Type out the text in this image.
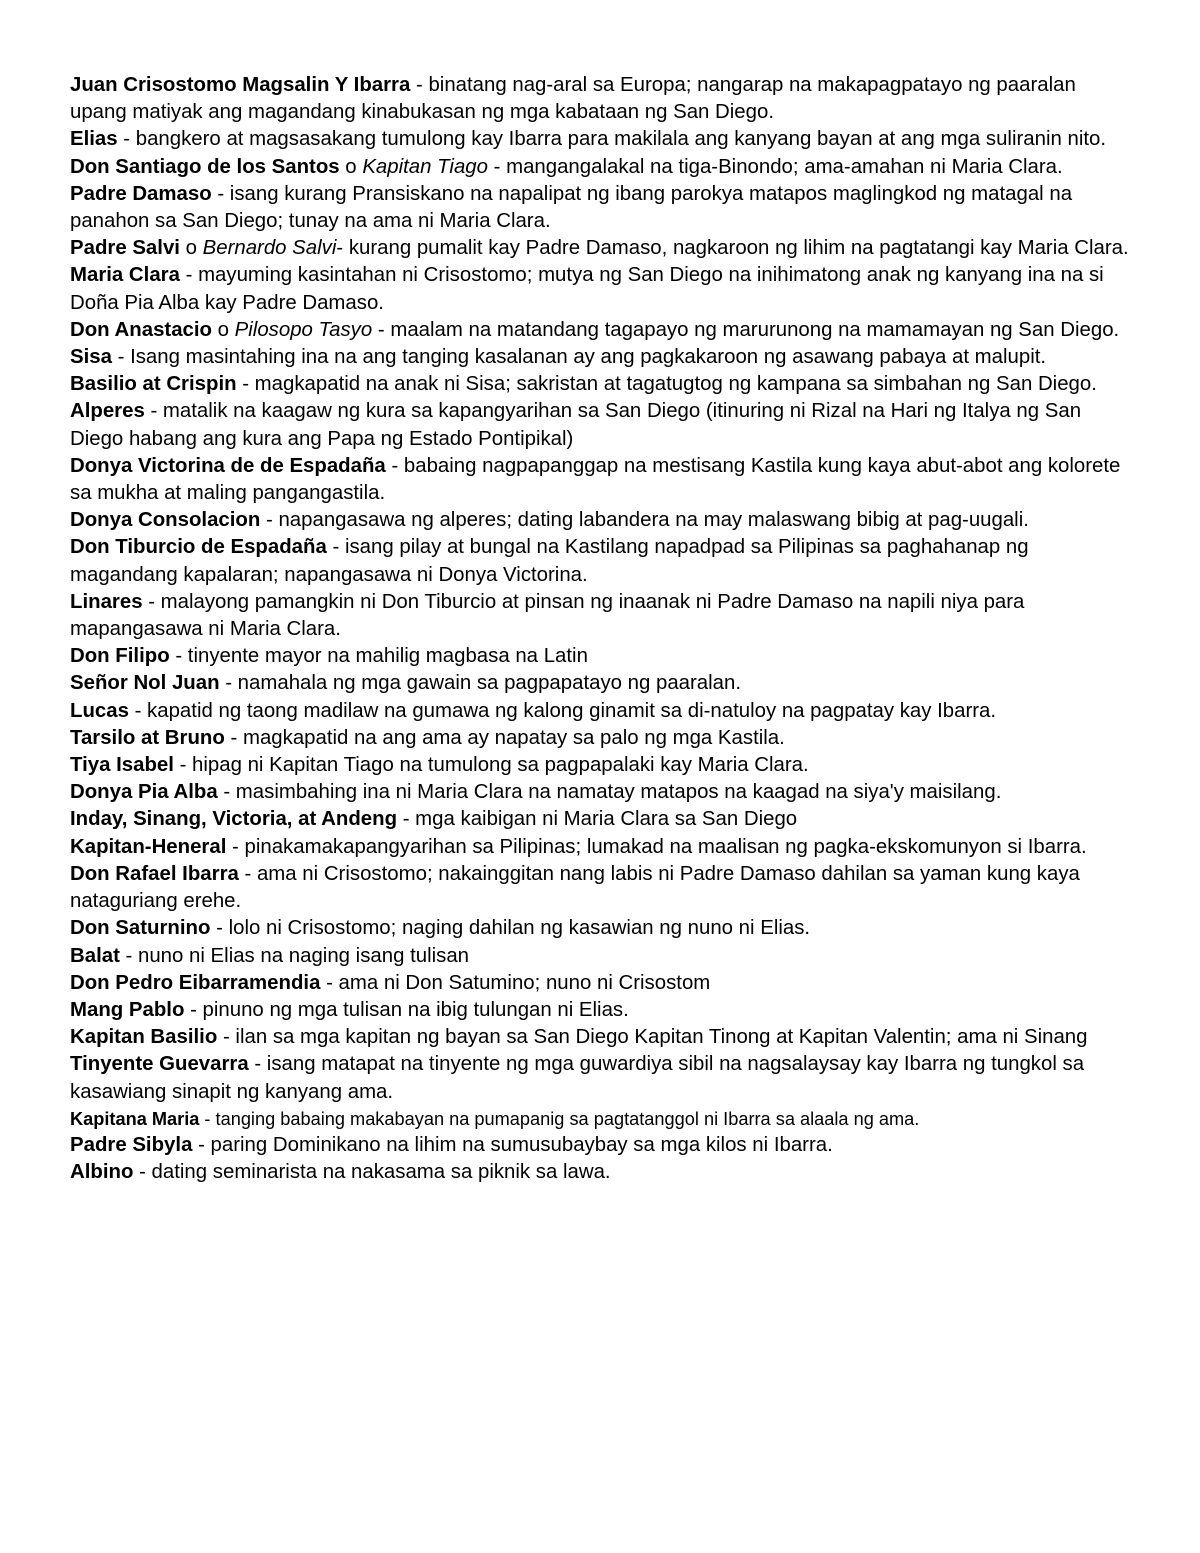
Juan Crisostomo Magsalin Y Ibarra - binatang nag-aral sa Europa; nangarap na makapagpatayo ng paaralan upang matiyak ang magandang kinabukasan ng mga kabataan ng San Diego.

Elias - bangkero at magsasakang tumulong kay Ibarra para makilala ang kanyang bayan at ang mga suliranin nito.

Don Santiago de los Santos o Kapitan Tiago - mangangalakal na tiga-Binondo; ama-amahan ni Maria Clara.

Padre Damaso - isang kurang Pransiskano na napalipat ng ibang parokya matapos maglingkod ng matagal na panahon sa San Diego; tunay na ama ni Maria Clara.

Padre Salvi o Bernardo Salvi- kurang pumalit kay Padre Damaso, nagkaroon ng lihim na pagtatangi kay Maria Clara.

Maria Clara - mayuming kasintahan ni Crisostomo; mutya ng San Diego na inihimatong anak ng kanyang ina na si Doña Pia Alba kay Padre Damaso.

Don Anastacio o Pilosopo Tasyo - maalam na matandang tagapayo ng marurunong na mamamayan ng San Diego.

Sisa - Isang masintahing ina na ang tanging kasalanan ay ang pagkakaroon ng asawang pabaya at malupit.

Basilio at Crispin - magkapatid na anak ni Sisa; sakristan at tagatugtog ng kampana sa simbahan ng San Diego.

Alperes - matalik na kaagaw ng kura sa kapangyarihan sa San Diego (itinuring ni Rizal na Hari ng Italya ng San Diego habang ang kura ang Papa ng Estado Pontipikal)

Donya Victorina de de Espadaña - babaing nagpapanggap na mestisang Kastila kung kaya abut-abot ang kolorete sa mukha at maling pangangastila.

Donya Consolacion - napangasawa ng alperes; dating labandera na may malaswang bibig at pag-uugali.

Don Tiburcio de Espadaña - isang pilay at bungal na Kastilang napadpad sa Pilipinas sa paghahanap ng magandang kapalaran; napangasawa ni Donya Victorina.

Linares - malayong pamangkin ni Don Tiburcio at pinsan ng inaanak ni Padre Damaso na napili niya para mapangasawa ni Maria Clara.

Don Filipo - tinyente mayor na mahilig magbasa na Latin

Señor Nol Juan - namahala ng mga gawain sa pagpapatayo ng paaralan.

Lucas - kapatid ng taong madilaw na gumawa ng kalong ginamit sa di-natuloy na pagpatay kay Ibarra.

Tarsilo at Bruno - magkapatid na ang ama ay napatay sa palo ng mga Kastila.

Tiya Isabel - hipag ni Kapitan Tiago na tumulong sa pagpapalaki kay Maria Clara.

Donya Pia Alba - masimbahing ina ni Maria Clara na namatay matapos na kaagad na siya'y maisilang.

Inday, Sinang, Victoria, at Andeng - mga kaibigan ni Maria Clara sa San Diego

Kapitan-Heneral - pinakamakapangyarihan sa Pilipinas; lumakad na maalisan ng pagka-ekskomunyon si Ibarra.

Don Rafael Ibarra - ama ni Crisostomo; nakainggitan nang labis ni Padre Damaso dahilan sa yaman kung kaya nataguriang erehe.

Don Saturnino - lolo ni Crisostomo; naging dahilan ng kasawian ng nuno ni Elias.

Balat - nuno ni Elias na naging isang tulisan

Don Pedro Eibarramendia - ama ni Don Satumino; nuno ni Crisostom

Mang Pablo - pinuno ng mga tulisan na ibig tulungan ni Elias.

Kapitan Basilio - ilan sa mga kapitan ng bayan sa San Diego Kapitan Tinong at Kapitan Valentin; ama ni Sinang

Tinyente Guevarra - isang matapat na tinyente ng mga guwardiya sibil na nagsalaysay kay Ibarra ng tungkol sa kasawiang sinapit ng kanyang ama.

Kapitana Maria - tanging babaing makabayan na pumapanig sa pagtatanggol ni Ibarra sa alaala ng ama.

Padre Sibyla - paring Dominikano na lihim na sumusubaybay sa mga kilos ni Ibarra.

Albino - dating seminarista na nakasama sa piknik sa lawa.
